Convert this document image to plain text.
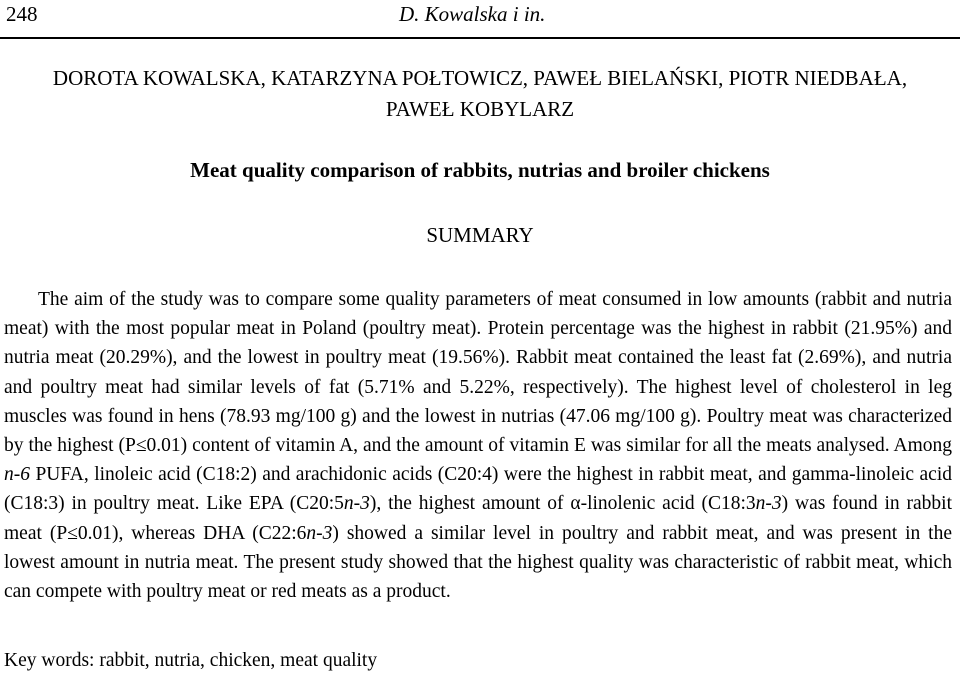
248	D. Kowalska i in.
DOROTA KOWALSKA, KATARZYNA POŁTOWICZ, PAWEŁ BIELAŃSKI, PIOTR NIEDBAŁA,
PAWEŁ KOBYLARZ
Meat quality comparison of rabbits, nutrias and broiler chickens
SUMMARY

The aim of the study was to compare some quality parameters of meat consumed in low amounts (rabbit and nutria meat) with the most popular meat in Poland (poultry meat). Protein percentage was the highest in rabbit (21.95%) and nutria meat (20.29%), and the lowest in poultry meat (19.56%). Rabbit meat contained the least fat (2.69%), and nutria and poultry meat had similar levels of fat (5.71% and 5.22%, respectively). The highest level of cholesterol in leg muscles was found in hens (78.93 mg/100 g) and the lowest in nutrias (47.06 mg/100 g). Poultry meat was characterized by the highest (P≤0.01) content of vitamin A, and the amount of vitamin E was similar for all the meats analysed. Among n-6 PUFA, linoleic acid (C18:2) and arachidonic acids (C20:4) were the highest in rabbit meat, and gamma-linoleic acid (C18:3) in poultry meat. Like EPA (C20:5n-3), the highest amount of α-linolenic acid (C18:3n-3) was found in rabbit meat (P≤0.01), whereas DHA (C22:6n-3) showed a similar level in poultry and rabbit meat, and was present in the lowest amount in nutria meat. The present study showed that the highest quality was characteristic of rabbit meat, which can compete with poultry meat or red meats as a product.

Key words: rabbit, nutria, chicken, meat quality
